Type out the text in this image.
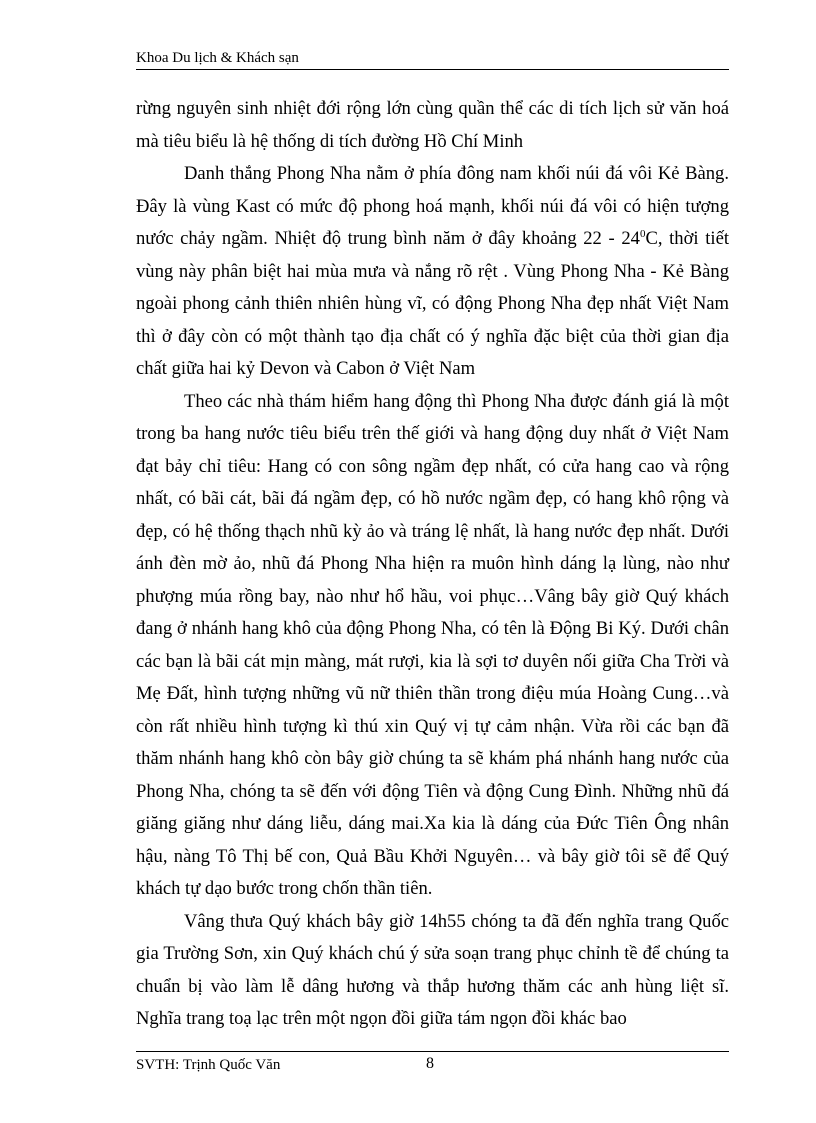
Khoa Du lịch & Khách sạn

rừng nguyên sinh nhiệt đới rộng lớn cùng quần thể các di tích lịch sử văn hoá mà tiêu biểu là hệ thống di tích đường Hồ Chí Minh

Danh thắng Phong Nha nằm ở phía đông nam khối núi đá vôi Kẻ Bàng. Đây là vùng Kast có mức độ phong hoá mạnh, khối núi đá vôi có hiện tượng nước chảy ngầm. Nhiệt độ trung bình năm ở đây khoảng $22 - 24^0C$, thời tiết vùng này phân biệt hai mùa mưa và nắng rõ rệt . Vùng Phong Nha - Kẻ Bàng ngoài phong cảnh thiên nhiên hùng vĩ, có động Phong Nha đẹp nhất Việt Nam thì ở đây còn có một thành tạo địa chất có ý nghĩa đặc biệt của thời gian địa chất giữa hai kỷ Devon và Cabon ở Việt Nam

Theo các nhà thám hiểm hang động thì Phong Nha được đánh giá là một trong ba hang nước tiêu biểu trên thế giới và hang động duy nhất ở Việt Nam đạt bảy chỉ tiêu: Hang có con sông ngầm đẹp nhất, có cửa hang cao và rộng nhất, có bãi cát, bãi đá ngầm đẹp, có hồ nước ngầm đẹp, có hang khô rộng và đẹp, có hệ thống thạch nhũ kỳ ảo và tráng lệ nhất, là hang nước đẹp nhất. Dưới ánh đèn mờ ảo, nhũ đá Phong Nha hiện ra muôn hình dáng lạ lùng, nào như phượng múa rồng bay, nào như hổ hầu, voi phục…Vâng bây giờ Quý khách đang ở nhánh hang khô của động Phong Nha, có tên là Động Bi Ký. Dưới chân các bạn là bãi cát mịn màng, mát rượi, kia là sợi tơ duyên nối giữa Cha Trời và Mẹ Đất, hình tượng những vũ nữ thiên thần trong điệu múa Hoàng Cung…và còn rất nhiều hình tượng kì thú xin Quý vị tự cảm nhận. Vừa rồi các bạn đã thăm nhánh hang khô còn bây giờ chúng ta sẽ khám phá nhánh hang nước của Phong Nha, chóng ta sẽ đến với động Tiên và động Cung Đình. Những nhũ đá giăng giăng như dáng liễu, dáng mai.Xa kia là dáng của Đức Tiên Ông nhân hậu, nàng Tô Thị bế con, Quả Bầu Khởi Nguyên… và bây giờ tôi sẽ để Quý khách tự dạo bước trong chốn thần tiên.

Vâng thưa Quý khách bây giờ 14h55 chóng ta đã đến nghĩa trang Quốc gia Trường Sơn, xin Quý khách chú ý sửa soạn trang phục chỉnh tề để chúng ta chuẩn bị vào làm lễ dâng hương và thắp hương thăm các anh hùng liệt sĩ. Nghĩa trang toạ lạc trên một ngọn đồi giữa tám ngọn đồi khác bao

SVTH: Trịnh Quốc Văn	8
